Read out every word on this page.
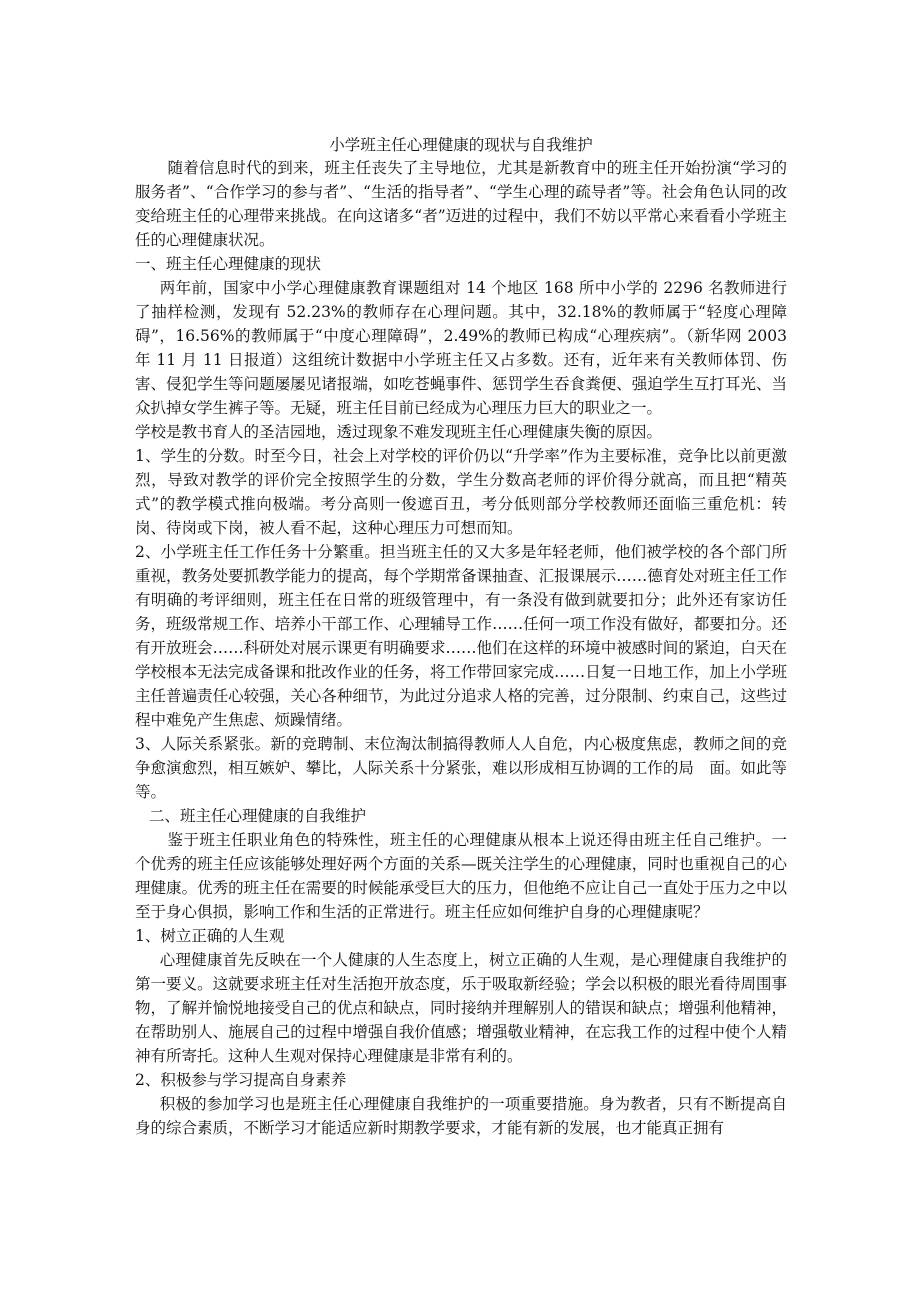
小学班主任心理健康的现状与自我维护

随着信息时代的到来，班主任丧失了主导地位，尤其是新教育中的班主任开始扮演“学习的服务者”、“合作学习的参与者”、“生活的指导者”、“学生心理的疏导者”等。社会角色认同的改变给班主任的心理带来挑战。在向这诸多“者”迈进的过程中，我们不妨以平常心来看看小学班主任的心理健康状况。

一、班主任心理健康的现状

两年前，国家中小学心理健康教育课题组对 14 个地区 168 所中小学的 2296 名教师进行了抽样检测，发现有 52.23%的教师存在心理问题。其中，32.18%的教师属于“轻度心理障碍”，16.56%的教师属于“中度心理障碍”，2.49%的教师已构成“心理疾病”。（新华网 2003 年 11 月 11 日报道）这组统计数据中小学班主任又占多数。还有，近年来有关教师体罚、伤害、侵犯学生等问题屡屡见诸报端，如吃苍蝇事件、惩罚学生吞食粪便、强迫学生互打耳光、当众扒掉女学生裤子等。无疑，班主任目前已经成为心理压力巨大的职业之一。

学校是教书育人的圣洁园地，透过现象不难发现班主任心理健康失衡的原因。

1、学生的分数。时至今日，社会上对学校的评价仍以“升学率”作为主要标准，竞争比以前更激烈，导致对教学的评价完全按照学生的分数，学生分数高老师的评价得分就高，而且把“精英式”的教学模式推向极端。考分高则一俊遮百丑，考分低则部分学校教师还面临三重危机：转岗、待岗或下岗，被人看不起，这种心理压力可想而知。

2、小学班主任工作任务十分繁重。担当班主任的又大多是年轻老师，他们被学校的各个部门所重视，教务处要抓教学能力的提高，每个学期常备课抽查、汇报课展示……德育处对班主任工作有明确的考评细则，班主任在日常的班级管理中，有一条没有做到就要扣分；此外还有家访任务，班级常规工作、培养小干部工作、心理辅导工作……任何一项工作没有做好，都要扣分。还有开放班会……科研处对展示课更有明确要求……他们在这样的环境中被感时间的紧迫，白天在学校根本无法完成备课和批改作业的任务，将工作带回家完成……日复一日地工作，加上小学班主任普遍责任心较强，关心各种细节，为此过分追求人格的完善，过分限制、约束自己，这些过程中难免产生焦虑、烦躁情绪。

3、人际关系紧张。新的竞聘制、末位淘汰制搞得教师人人自危，内心极度焦虑，教师之间的竞争愈演愈烈，相互嫉妒、攀比，人际关系十分紧张，难以形成相互协调的工作的局　面。如此等等。

二、班主任心理健康的自我维护

鉴于班主任职业角色的特殊性，班主任的心理健康从根本上说还得由班主任自己维护。一个优秀的班主任应该能够处理好两个方面的关系—既关注学生的心理健康，同时也重视自己的心理健康。优秀的班主任在需要的时候能承受巨大的压力，但他绝不应让自己一直处于压力之中以至于身心俱损，影响工作和生活的正常进行。班主任应如何维护自身的心理健康呢？

1、树立正确的人生观

心理健康首先反映在一个人健康的人生态度上，树立正确的人生观，是心理健康自我维护的第一要义。这就要求班主任对生活抱开放态度，乐于吸取新经验；学会以积极的眼光看待周围事物，了解并愉悦地接受自己的优点和缺点，同时接纳并理解别人的错误和缺点；增强利他精神，在帮助别人、施展自己的过程中增强自我价值感；增强敬业精神，在忘我工作的过程中使个人精神有所寄托。这种人生观对保持心理健康是非常有利的。

2、积极参与学习提高自身素养

积极的参加学习也是班主任心理健康自我维护的一项重要措施。身为教者，只有不断提高自身的综合素质，不断学习才能适应新时期教学要求，才能有新的发展，也才能真正拥有
